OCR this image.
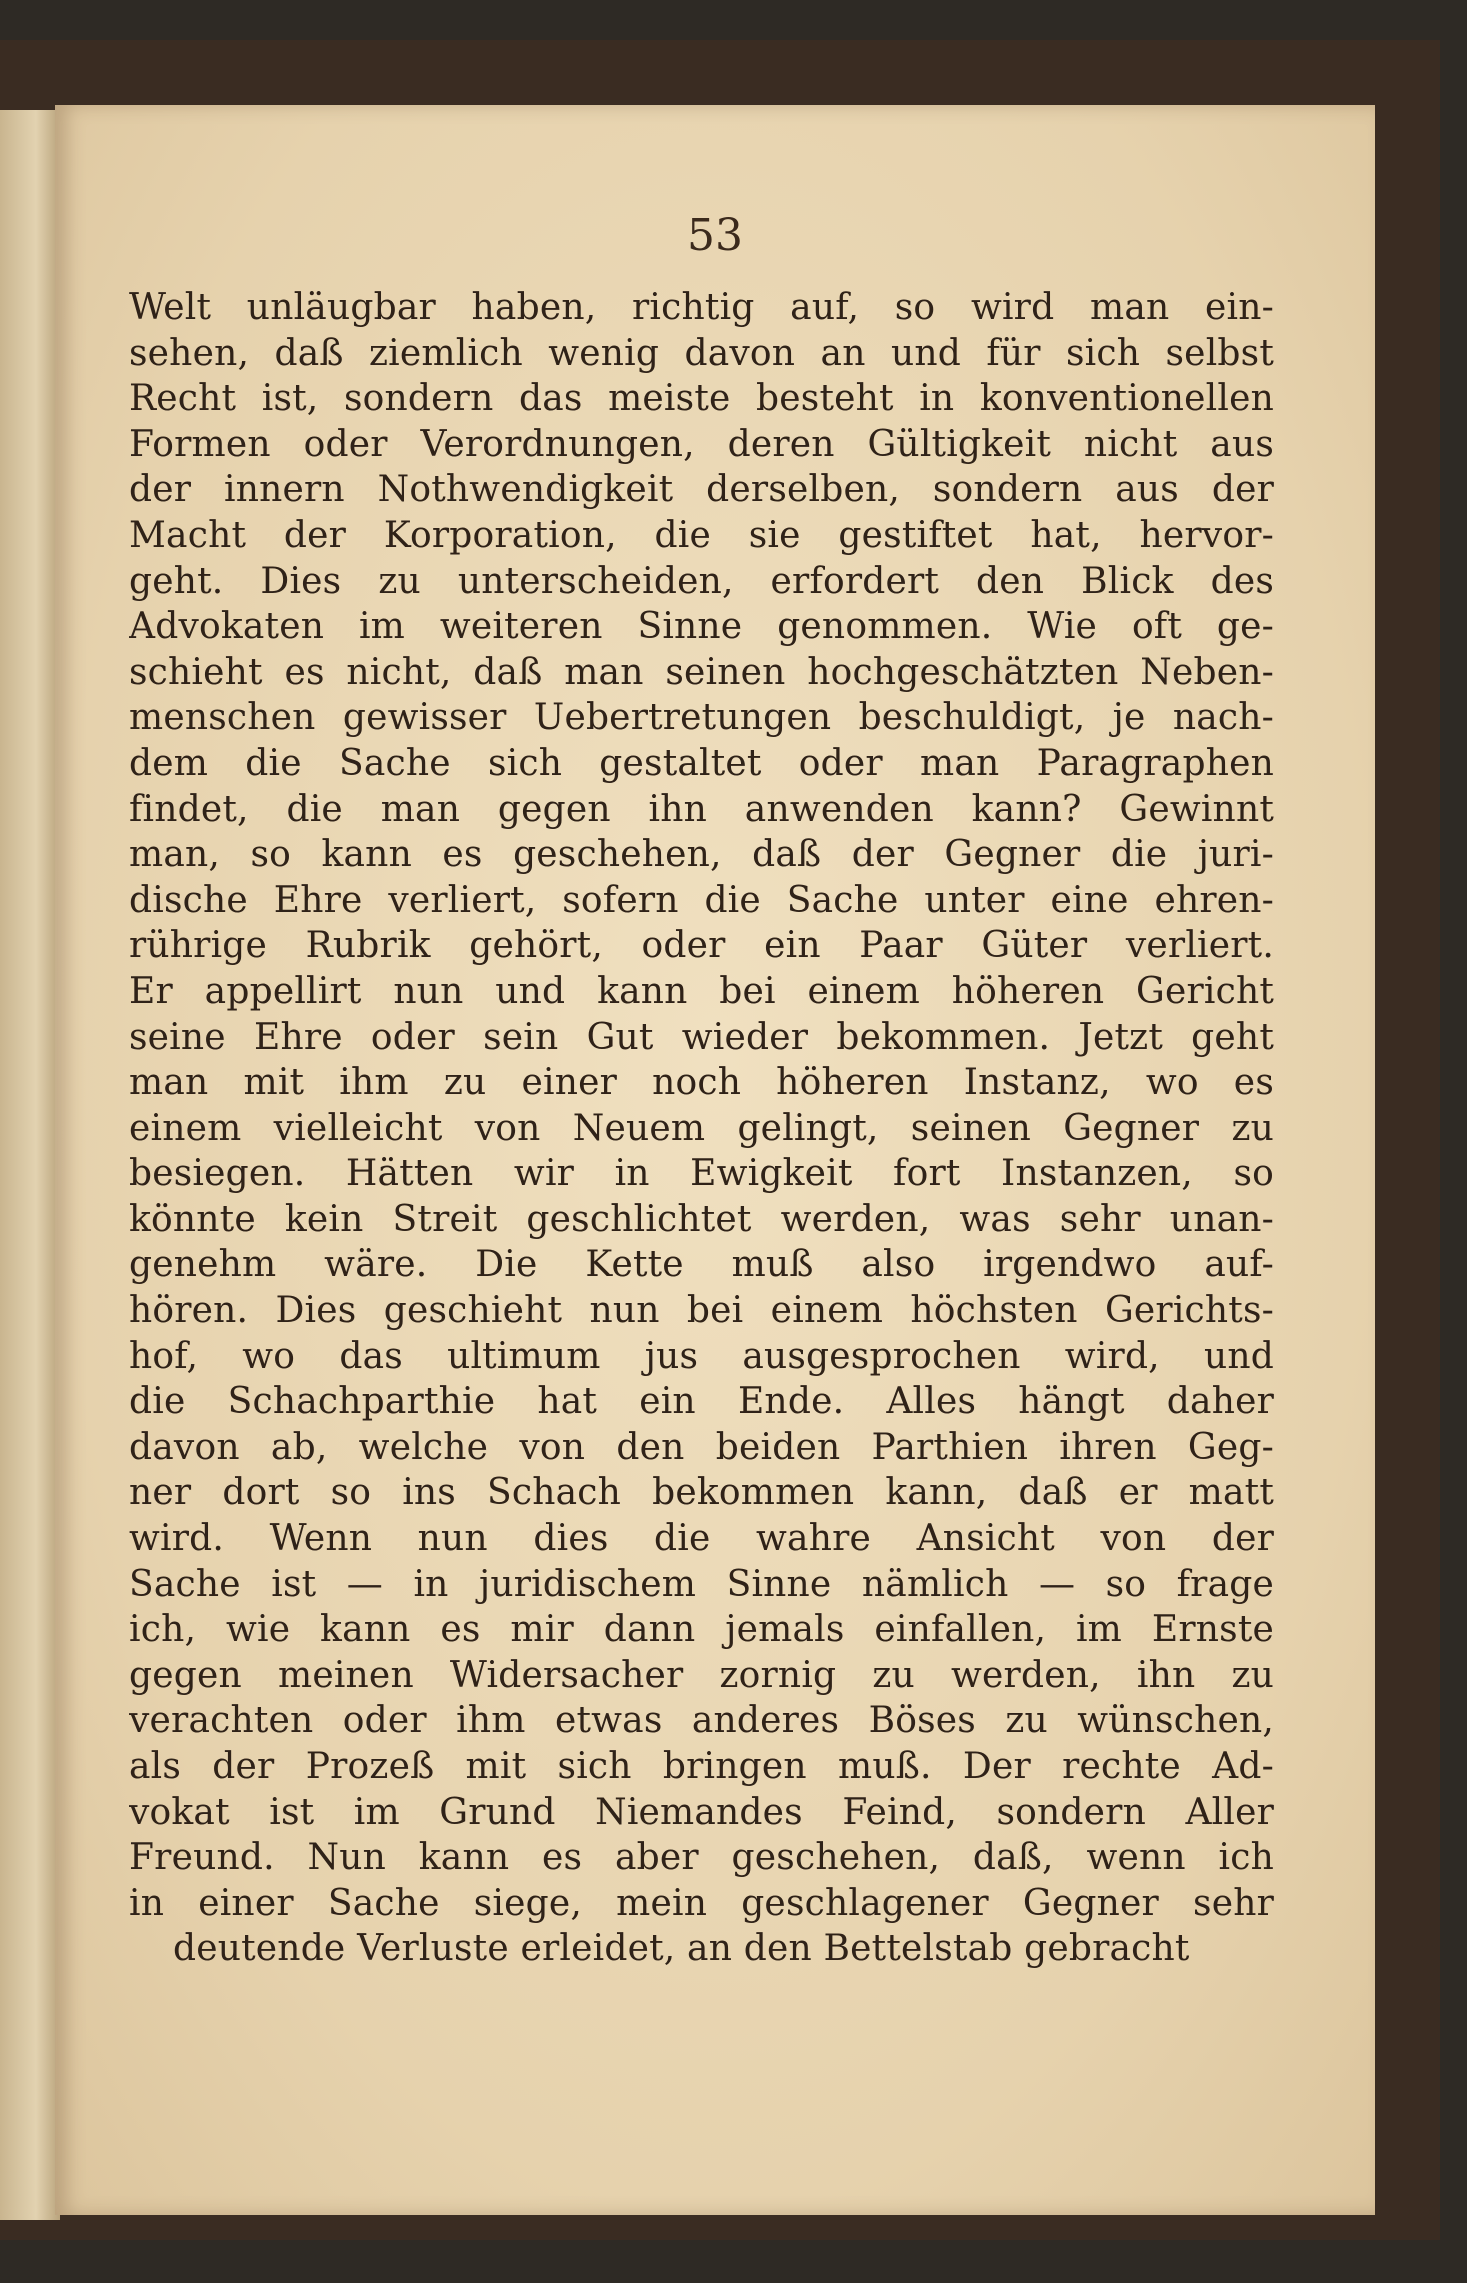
53
Welt unläugbar haben, richtig auf, so wird man ein-
sehen, daß ziemlich wenig davon an und für sich selbst
Recht ist, sondern das meiste besteht in konventionellen
Formen oder Verordnungen, deren Gültigkeit nicht aus
der innern Nothwendigkeit derselben, sondern aus der
Macht der Korporation, die sie gestiftet hat, hervor-
geht. Dies zu unterscheiden, erfordert den Blick des
Advokaten im weiteren Sinne genommen. Wie oft ge-
schieht es nicht, daß man seinen hochgeschätzten Neben-
menschen gewisser Uebertretungen beschuldigt, je nach-
dem die Sache sich gestaltet oder man Paragraphen
findet, die man gegen ihn anwenden kann? Gewinnt
man, so kann es geschehen, daß der Gegner die juri-
dische Ehre verliert, sofern die Sache unter eine ehren-
rührige Rubrik gehört, oder ein Paar Güter verliert.
Er appellirt nun und kann bei einem höheren Gericht
seine Ehre oder sein Gut wieder bekommen. Jetzt geht
man mit ihm zu einer noch höheren Instanz, wo es
einem vielleicht von Neuem gelingt, seinen Gegner zu
besiegen. Hätten wir in Ewigkeit fort Instanzen, so
könnte kein Streit geschlichtet werden, was sehr unan-
genehm wäre. Die Kette muß also irgendwo auf-
hören. Dies geschieht nun bei einem höchsten Gerichts-
hof, wo das ultimum jus ausgesprochen wird, und
die Schachparthie hat ein Ende. Alles hängt daher
davon ab, welche von den beiden Parthien ihren Geg-
ner dort so ins Schach bekommen kann, daß er matt
wird. Wenn nun dies die wahre Ansicht von der
Sache ist — in juridischem Sinne nämlich — so frage
ich, wie kann es mir dann jemals einfallen, im Ernste
gegen meinen Widersacher zornig zu werden, ihn zu
verachten oder ihm etwas anderes Böses zu wünschen,
als der Prozeß mit sich bringen muß. Der rechte Ad-
vokat ist im Grund Niemandes Feind, sondern Aller
Freund. Nun kann es aber geschehen, daß, wenn ich
in einer Sache siege, mein geschlagener Gegner sehr
deutende Verluste erleidet, an den Bettelstab gebracht
